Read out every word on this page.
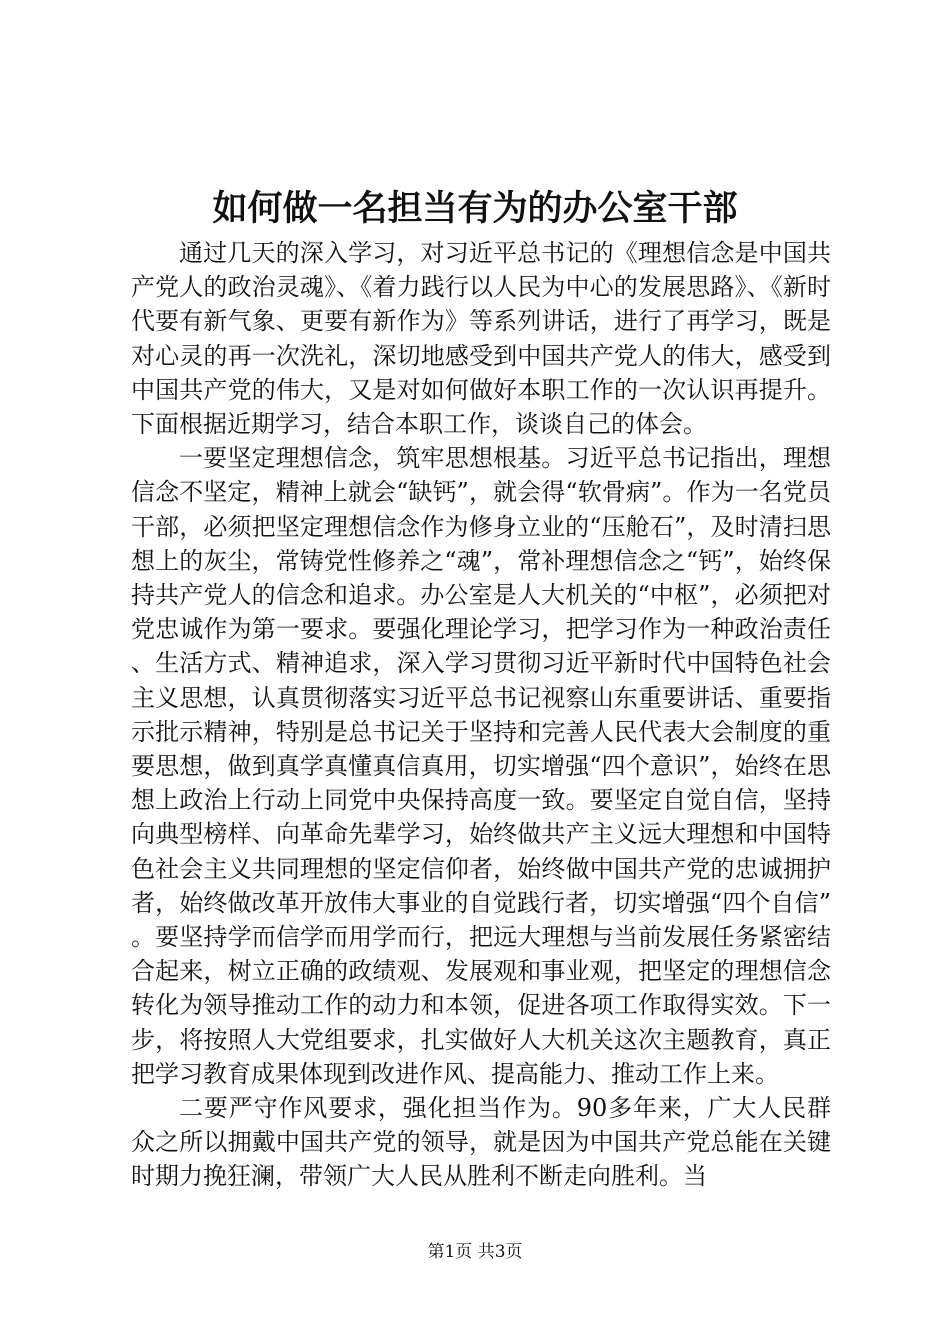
如何做一名担当有为的办公室干部

通过几天的深入学习，对习近平总书记的《理想信念是中国共产党人的政治灵魂》、《着力践行以人民为中心的发展思路》、《新时代要有新气象、更要有新作为》等系列讲话，进行了再学习，既是对心灵的再一次洗礼，深切地感受到中国共产党人的伟大，感受到中国共产党的伟大，又是对如何做好本职工作的一次认识再提升。下面根据近期学习，结合本职工作，谈谈自己的体会。

一要坚定理想信念，筑牢思想根基。习近平总书记指出，理想信念不坚定，精神上就会“缺钙”，就会得“软骨病”。作为一名党员干部，必须把坚定理想信念作为修身立业的“压舱石”，及时清扫思想上的灰尘，常铸党性修养之“魂”，常补理想信念之“钙”，始终保持共产党人的信念和追求。办公室是人大机关的“中枢”，必须把对党忠诚作为第一要求。要强化理论学习，把学习作为一种政治责任、生活方式、精神追求，深入学习贯彻习近平新时代中国特色社会主义思想，认真贯彻落实习近平总书记视察山东重要讲话、重要指示批示精神，特别是总书记关于坚持和完善人民代表大会制度的重要思想，做到真学真懂真信真用，切实增强“四个意识”，始终在思想上政治上行动上同党中央保持高度一致。要坚定自觉自信，坚持向典型榜样、向革命先辈学习，始终做共产主义远大理想和中国特色社会主义共同理想的坚定信仰者，始终做中国共产党的忠诚拥护者，始终做改革开放伟大事业的自觉践行者，切实增强“四个自信”。要坚持学而信学而用学而行，把远大理想与当前发展任务紧密结合起来，树立正确的政绩观、发展观和事业观，把坚定的理想信念转化为领导推动工作的动力和本领，促进各项工作取得实效。下一步，将按照人大党组要求，扎实做好人大机关这次主题教育，真正把学习教育成果体现到改进作风、提高能力、推动工作上来。

二要严守作风要求，强化担当作为。90多年来，广大人民群众之所以拥戴中国共产党的领导，就是因为中国共产党总能在关键时期力挽狂澜，带领广大人民从胜利不断走向胜利。当

第1页 共3页
